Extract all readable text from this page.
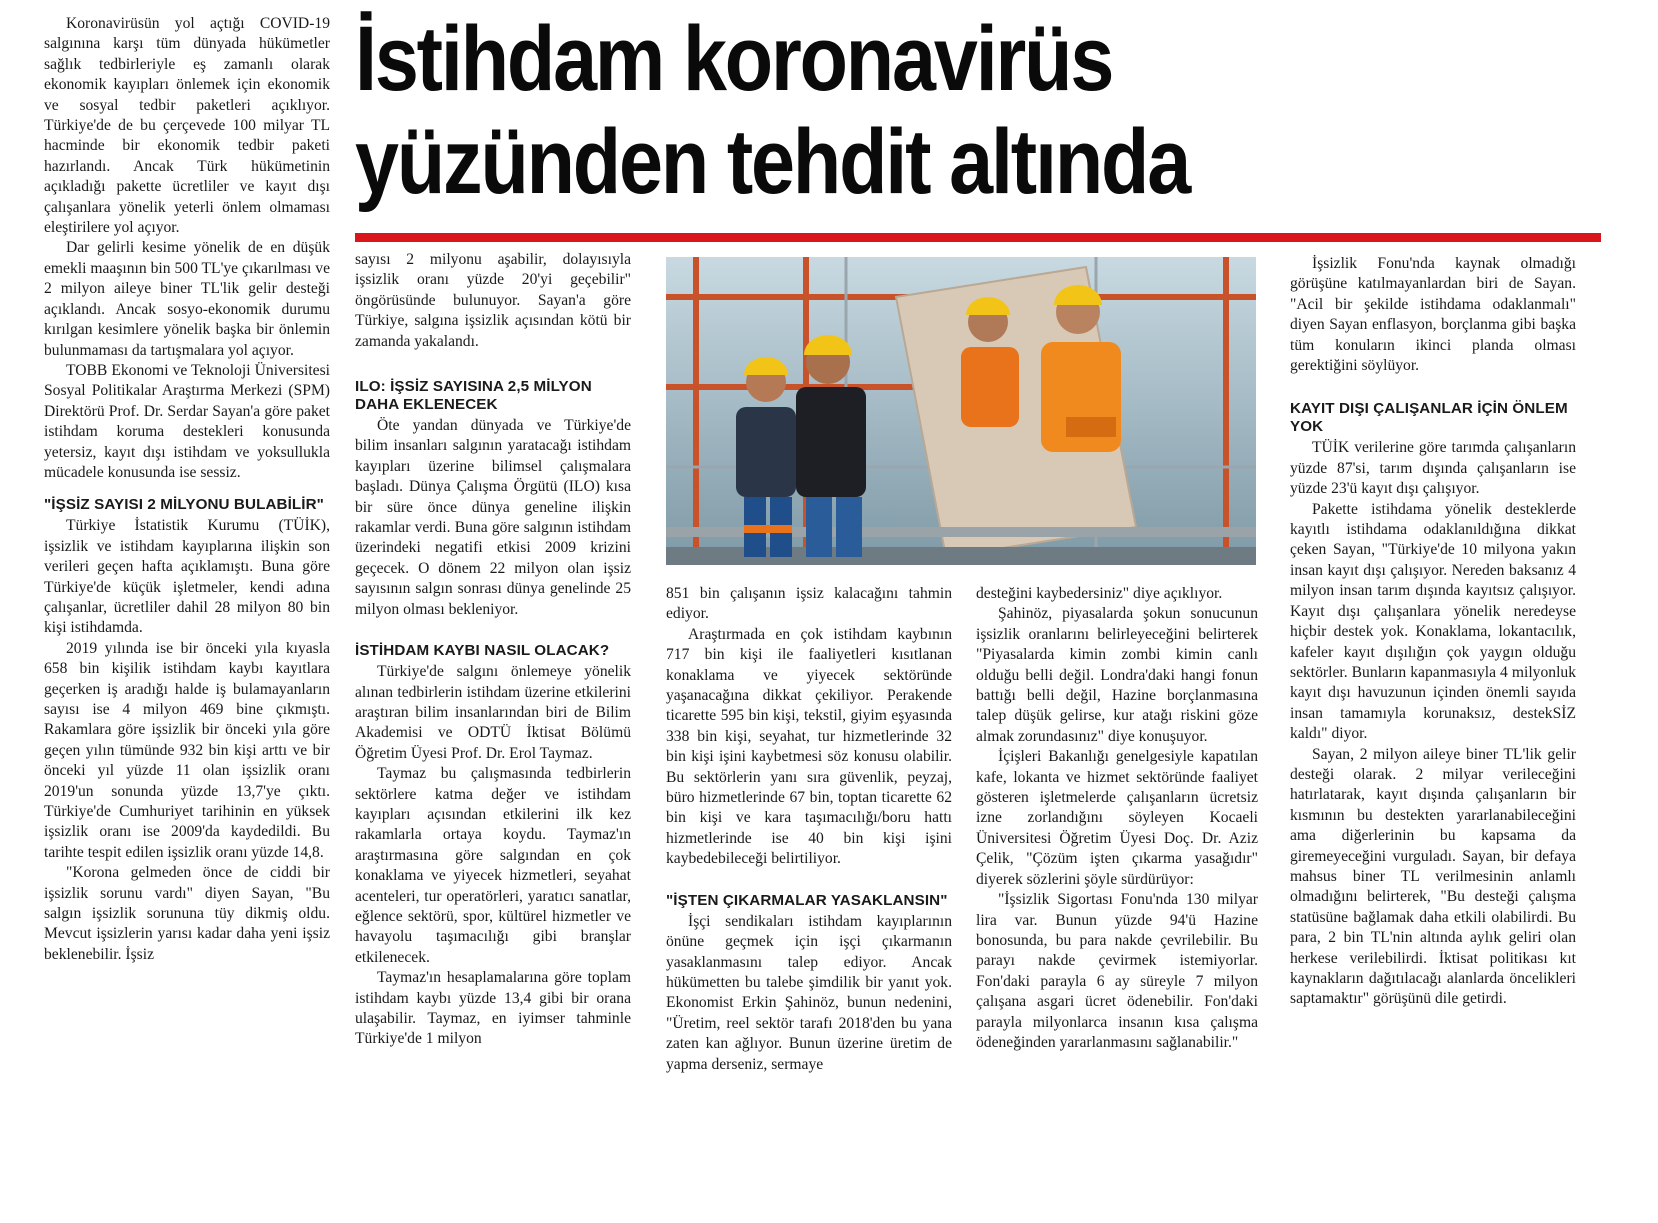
İstihdam koronavirüs
yüzünden tehdit altında

Koronavirüsün yol açtığı COVID-19 salgınına karşı tüm dünyada hükümetler sağlık tedbirleriyle eş zamanlı olarak ekonomik kayıpları önlemek için ekonomik ve sosyal tedbir paketleri açıklıyor. Türkiye'de de bu çerçevede 100 milyar TL hacminde bir ekonomik tedbir paketi hazırlandı. Ancak Türk hükümetinin açıkladığı pakette ücretliler ve kayıt dışı çalışanlara yönelik yeterli önlem olmaması eleştirilere yol açıyor.

Dar gelirli kesime yönelik de en düşük emekli maaşının bin 500 TL'ye çıkarılması ve 2 milyon aileye biner TL'lik gelir desteği açıklandı. Ancak sosyo-ekonomik durumu kırılgan kesimlere yönelik başka bir önlemin bulunmaması da tartışmalara yol açıyor.

TOBB Ekonomi ve Teknoloji Üniversitesi Sosyal Politikalar Araştırma Merkezi (SPM) Direktörü Prof. Dr. Serdar Sayan'a göre paket istihdam koruma destekleri konusunda yetersiz, kayıt dışı istihdam ve yoksullukla mücadele konusunda ise sessiz.

"İŞSİZ SAYISI 2 MİLYONU BULABİLİR"

Türkiye İstatistik Kurumu (TÜİK), işsizlik ve istihdam kayıplarına ilişkin son verileri geçen hafta açıklamıştı. Buna göre Türkiye'de küçük işletmeler, kendi adına çalışanlar, ücretliler dahil 28 milyon 80 bin kişi istihdamda.

2019 yılında ise bir önceki yıla kıyasla 658 bin kişilik istihdam kaybı kayıtlara geçerken iş aradığı halde iş bulamayanların sayısı ise 4 milyon 469 bine çıkmıştı. Rakamlara göre işsizlik bir önceki yıla göre geçen yılın tümünde 932 bin kişi arttı ve bir önceki yıl yüzde 11 olan işsizlik oranı 2019'un sonunda yüzde 13,7'ye çıktı. Türkiye'de Cumhuriyet tarihinin en yüksek işsizlik oranı ise 2009'da kaydedildi. Bu tarihte tespit edilen işsizlik oranı yüzde 14,8.

"Korona gelmeden önce de ciddi bir işsizlik sorunu vardı" diyen Sayan, "Bu salgın işsizlik sorununa tüy dikmiş oldu. Mevcut işsizlerin yarısı kadar daha yeni işsiz beklenebilir. İşsiz

sayısı 2 milyonu aşabilir, dolayısıyla işsizlik oranı yüzde 20'yi geçebilir" öngörüsünde bulunuyor. Sayan'a göre Türkiye, salgına işsizlik açısından kötü bir zamanda yakalandı.

ILO: İŞSİZ SAYISINA 2,5 MİLYON DAHA EKLENECEK

Öte yandan dünyada ve Türkiye'de bilim insanları salgının yaratacağı istihdam kayıpları üzerine bilimsel çalışmalara başladı. Dünya Çalışma Örgütü (ILO) kısa bir süre önce dünya geneline ilişkin rakamlar verdi. Buna göre salgının istihdam üzerindeki negatifi etkisi 2009 krizini geçecek. O dönem 22 milyon olan işsiz sayısının salgın sonrası dünya genelinde 25 milyon olması bekleniyor.

İSTİHDAM KAYBI NASIL OLACAK?

Türkiye'de salgını önlemeye yönelik alınan tedbirlerin istihdam üzerine etkilerini araştıran bilim insanlarından biri de Bilim Akademisi ve ODTÜ İktisat Bölümü Öğretim Üyesi Prof. Dr. Erol Taymaz.

Taymaz bu çalışmasında tedbirlerin sektörlere katma değer ve istihdam kayıpları açısından etkilerini ilk kez rakamlarla ortaya koydu. Taymaz'ın araştırmasına göre salgından en çok konaklama ve yiyecek hizmetleri, seyahat acenteleri, tur operatörleri, yaratıcı sanatlar, eğlence sektörü, spor, kültürel hizmetler ve havayolu taşımacılığı gibi branşlar etkilenecek.

Taymaz'ın hesaplamalarına göre toplam istihdam kaybı yüzde 13,4 gibi bir orana ulaşabilir. Taymaz, en iyimser tahminle Türkiye'de 1 milyon

851 bin çalışanın işsiz kalacağını tahmin ediyor.

Araştırmada en çok istihdam kaybının 717 bin kişi ile faaliyetleri kısıtlanan konaklama ve yiyecek sektöründe yaşanacağına dikkat çekiliyor. Perakende ticarette 595 bin kişi, tekstil, giyim eşyasında 338 bin kişi, seyahat, tur hizmetlerinde 32 bin kişi işini kaybetmesi söz konusu olabilir. Bu sektörlerin yanı sıra güvenlik, peyzaj, büro hizmetlerinde 67 bin, toptan ticarette 62 bin kişi ve kara taşımacılığı/boru hattı hizmetlerinde ise 40 bin kişi işini kaybedebileceği belirtiliyor.

"İŞTEN ÇIKARMALAR YASAKLANSIN"

İşçi sendikaları istihdam kayıplarının önüne geçmek için işçi çıkarmanın yasaklanmasını talep ediyor. Ancak hükümetten bu talebe şimdilik bir yanıt yok. Ekonomist Erkin Şahinöz, bunun nedenini, "Üretim, reel sektör tarafı 2018'den bu yana zaten kan ağlıyor. Bunun üzerine üretim de yapma derseniz, sermaye

desteğini kaybedersiniz" diye açıklıyor.

Şahinöz, piyasalarda şokun sonucunun işsizlik oranlarını belirleyeceğini belirterek "Piyasalarda kimin zombi kimin canlı olduğu belli değil. Londra'daki hangi fonun battığı belli değil, Hazine borçlanmasına talep düşük gelirse, kur atağı riskini göze almak zorundasınız" diye konuşuyor.

İçişleri Bakanlığı genelgesiyle kapatılan kafe, lokanta ve hizmet sektöründe faaliyet gösteren işletmelerde çalışanların ücretsiz izne zorlandığını söyleyen Kocaeli Üniversitesi Öğretim Üyesi Doç. Dr. Aziz Çelik, "Çözüm işten çıkarma yasağıdır" diyerek sözlerini şöyle sürdürüyor:

"İşsizlik Sigortası Fonu'nda 130 milyar lira var. Bunun yüzde 94'ü Hazine bonosunda, bu para nakde çevrilebilir. Bu parayı nakde çevirmek istemiyorlar. Fon'daki parayla 6 ay süreyle 7 milyon çalışana asgari ücret ödenebilir. Fon'daki parayla milyonlarca insanın kısa çalışma ödeneğinden yararlanmasını sağlanabilir."

İşsizlik Fonu'nda kaynak olmadığı görüşüne katılmayanlardan biri de Sayan. "Acil bir şekilde istihdama odaklanmalı" diyen Sayan enflasyon, borçlanma gibi başka tüm konuların ikinci planda olması gerektiğini söylüyor.

KAYIT DIŞI ÇALIŞANLAR İÇİN ÖNLEM YOK

TÜİK verilerine göre tarımda çalışanların yüzde 87'si, tarım dışında çalışanların ise yüzde 23'ü kayıt dışı çalışıyor.

Pakette istihdama yönelik desteklerde kayıtlı istihdama odaklanıldığına dikkat çeken Sayan, "Türkiye'de 10 milyona yakın insan kayıt dışı çalışıyor. Nereden baksanız 4 milyon insan tarım dışında kayıtsız çalışıyor. Kayıt dışı çalışanlara yönelik neredeyse hiçbir destek yok. Konaklama, lokantacılık, kafeler kayıt dışılığın çok yaygın olduğu sektörler. Bunların kapanmasıyla 4 milyonluk kayıt dışı havuzunun içinden önemli sayıda insan tamamıyla korunaksız, destekSİZ kaldı" diyor.

Sayan, 2 milyon aileye biner TL'lik gelir desteği olarak. 2 milyar verileceğini hatırlatarak, kayıt dışında çalışanların bir kısmının bu destekten yararlanabileceğini ama diğerlerinin bu kapsama da giremeyeceğini vurguladı. Sayan, bir defaya mahsus biner TL verilmesinin anlamlı olmadığını belirterek, "Bu desteği çalışma statüsüne bağlamak daha etkili olabilirdi. Bu para, 2 bin TL'nin altında aylık geliri olan herkese verilebilirdi. İktisat politikası kıt kaynakların dağıtılacağı alanlarda öncelikleri saptamaktır" görüşünü dile getirdi.
